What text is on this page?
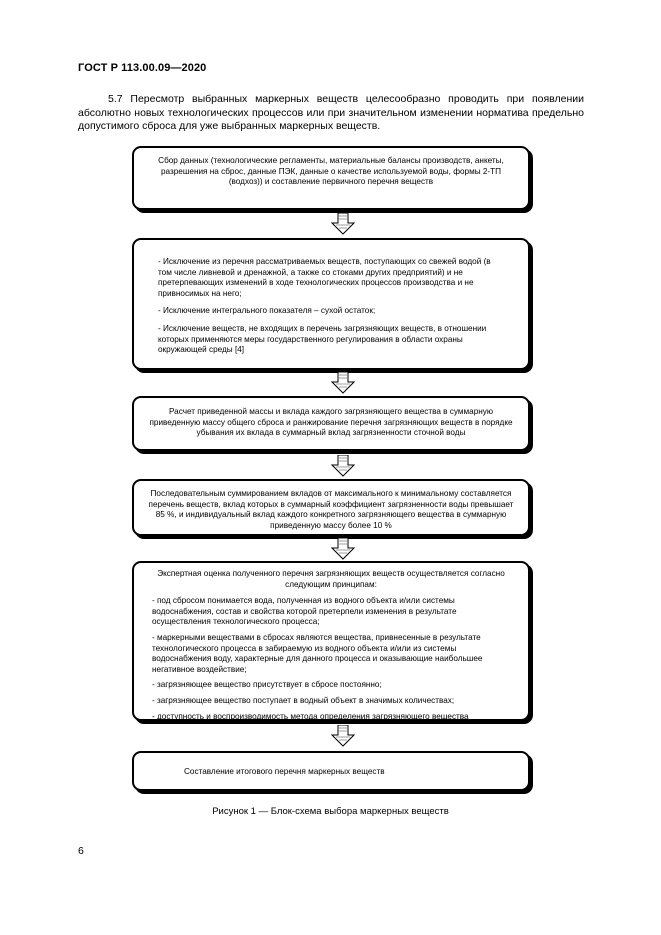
ГОСТ Р 113.00.09—2020
5.7 Пересмотр выбранных маркерных веществ целесообразно проводить при появлении абсолютно новых технологических процессов или при значительном изменении норматива предельно допустимого сброса для уже выбранных маркерных веществ.

Сбор данных (технологические регламенты, материальные балансы производств, анкеты, разрешения на сброс, данные ПЭК, данные о качестве используемой воды, формы 2-ТП (водхоз)) и составление первичного перечня веществ

- Исключение из перечня рассматриваемых веществ, поступающих со свежей водой (в том числе ливневой и дренажной, а также со стоками других предприятий) и не претерпевающих изменений в ходе технологических процессов производства и не привносимых на него;

- Исключение интегрального показателя – сухой остаток;

- Исключение веществ, не входящих в перечень загрязняющих веществ, в отношении которых применяются меры государственного регулирования в области охраны окружающей среды [4]

Расчет приведенной массы и вклада каждого загрязняющего вещества в суммарную приведенную массу общего сброса и ранжирование перечня загрязняющих веществ в порядке убывания их вклада в суммарный вклад загрязненности сточной воды

Последовательным суммированием вкладов от максимального к минимальному составляется перечень веществ, вклад которых в суммарный коэффициент загрязненности воды превышает 85 %, и индивидуальный вклад каждого конкретного загрязняющего вещества в суммарную приведенную массу более 10 %

Экспертная оценка полученного перечня загрязняющих веществ осуществляется согласно следующим принципам:

- под сбросом понимается вода, полученная из водного объекта и/или системы водоснабжения, состав и свойства которой претерпели изменения в результате осуществления технологического процесса;

- маркерными веществами в сбросах являются вещества, привнесенные в результате технологического процесса в забираемую из водного объекта и/или из системы водоснабжения воду, характерные для данного процесса и оказывающие наибольшее негативное воздействие;

- загрязняющее вещество присутствует в сбросе постоянно;

- загрязняющее вещество поступает в водный объект в значимых количествах;

- доступность и воспроизводимость метода определения загрязняющего вещества

Составление итогового перечня маркерных веществ

Рисунок 1 — Блок-схема выбора маркерных веществ
6
